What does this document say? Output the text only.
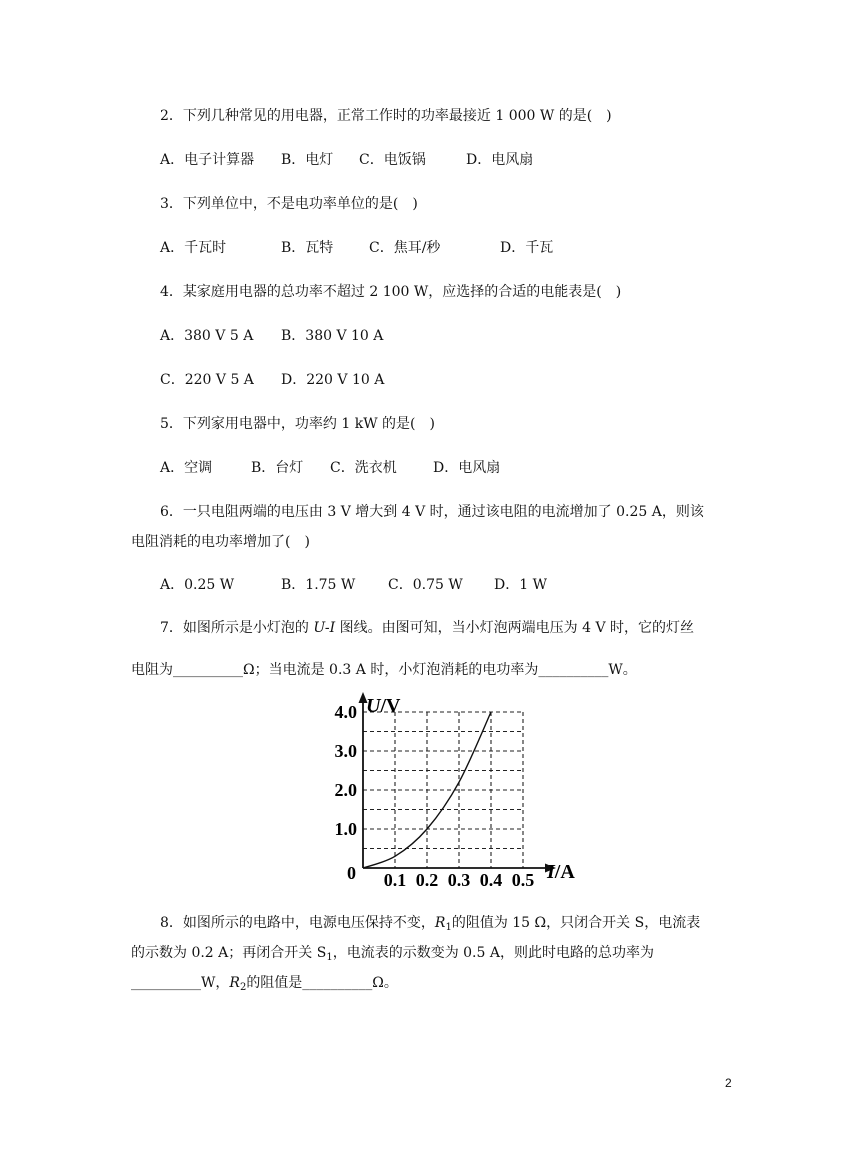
2．下列几种常见的用电器，正常工作时的功率最接近 1 000 W 的是(　)
A．电子计算器 B．电灯 C．电饭锅	D．电风扇
3．下列单位中，不是电功率单位的是(　)
A．千瓦时	B．瓦特	C．焦耳/秒	D．千瓦
4．某家庭用电器的总功率不超过 2 100 W，应选择的合适的电能表是(　)
A．380 V 5 A B．380 V 10 A
C．220 V 5 A D．220 V 10 A
5．下列家用电器中，功率约 1 kW 的是(　)
A．空调	B．台灯 C．洗衣机	D．电风扇
6．一只电阻两端的电压由 3 V 增大到 4 V 时，通过该电阻的电流增加了 0.25 A，则该
电阻消耗的电功率增加了(　)
A．0.25 W	B．1.75 W C．0.75 W D．1 W
7．如图所示是小灯泡的 U-I 图线。由图可知，当小灯泡两端电压为 4 V 时，它的灯丝
电阻为__________Ω；当电流是 0.3 A 时，小灯泡消耗的电功率为__________W。
0.1 0.2 0.3 0.4 0.5
1.0
2.0
3.0
4.0
0
U/V
I/A
8．如图所示的电路中，电源电压保持不变，$R_1$的阻值为 15 Ω，只闭合开关 S，电流表
的示数为 0.2 A；再闭合开关 $S_1$，电流表的示数变为 0.5 A，则此时电路的总功率为
__________W，$R_2$的阻值是__________Ω。
2
